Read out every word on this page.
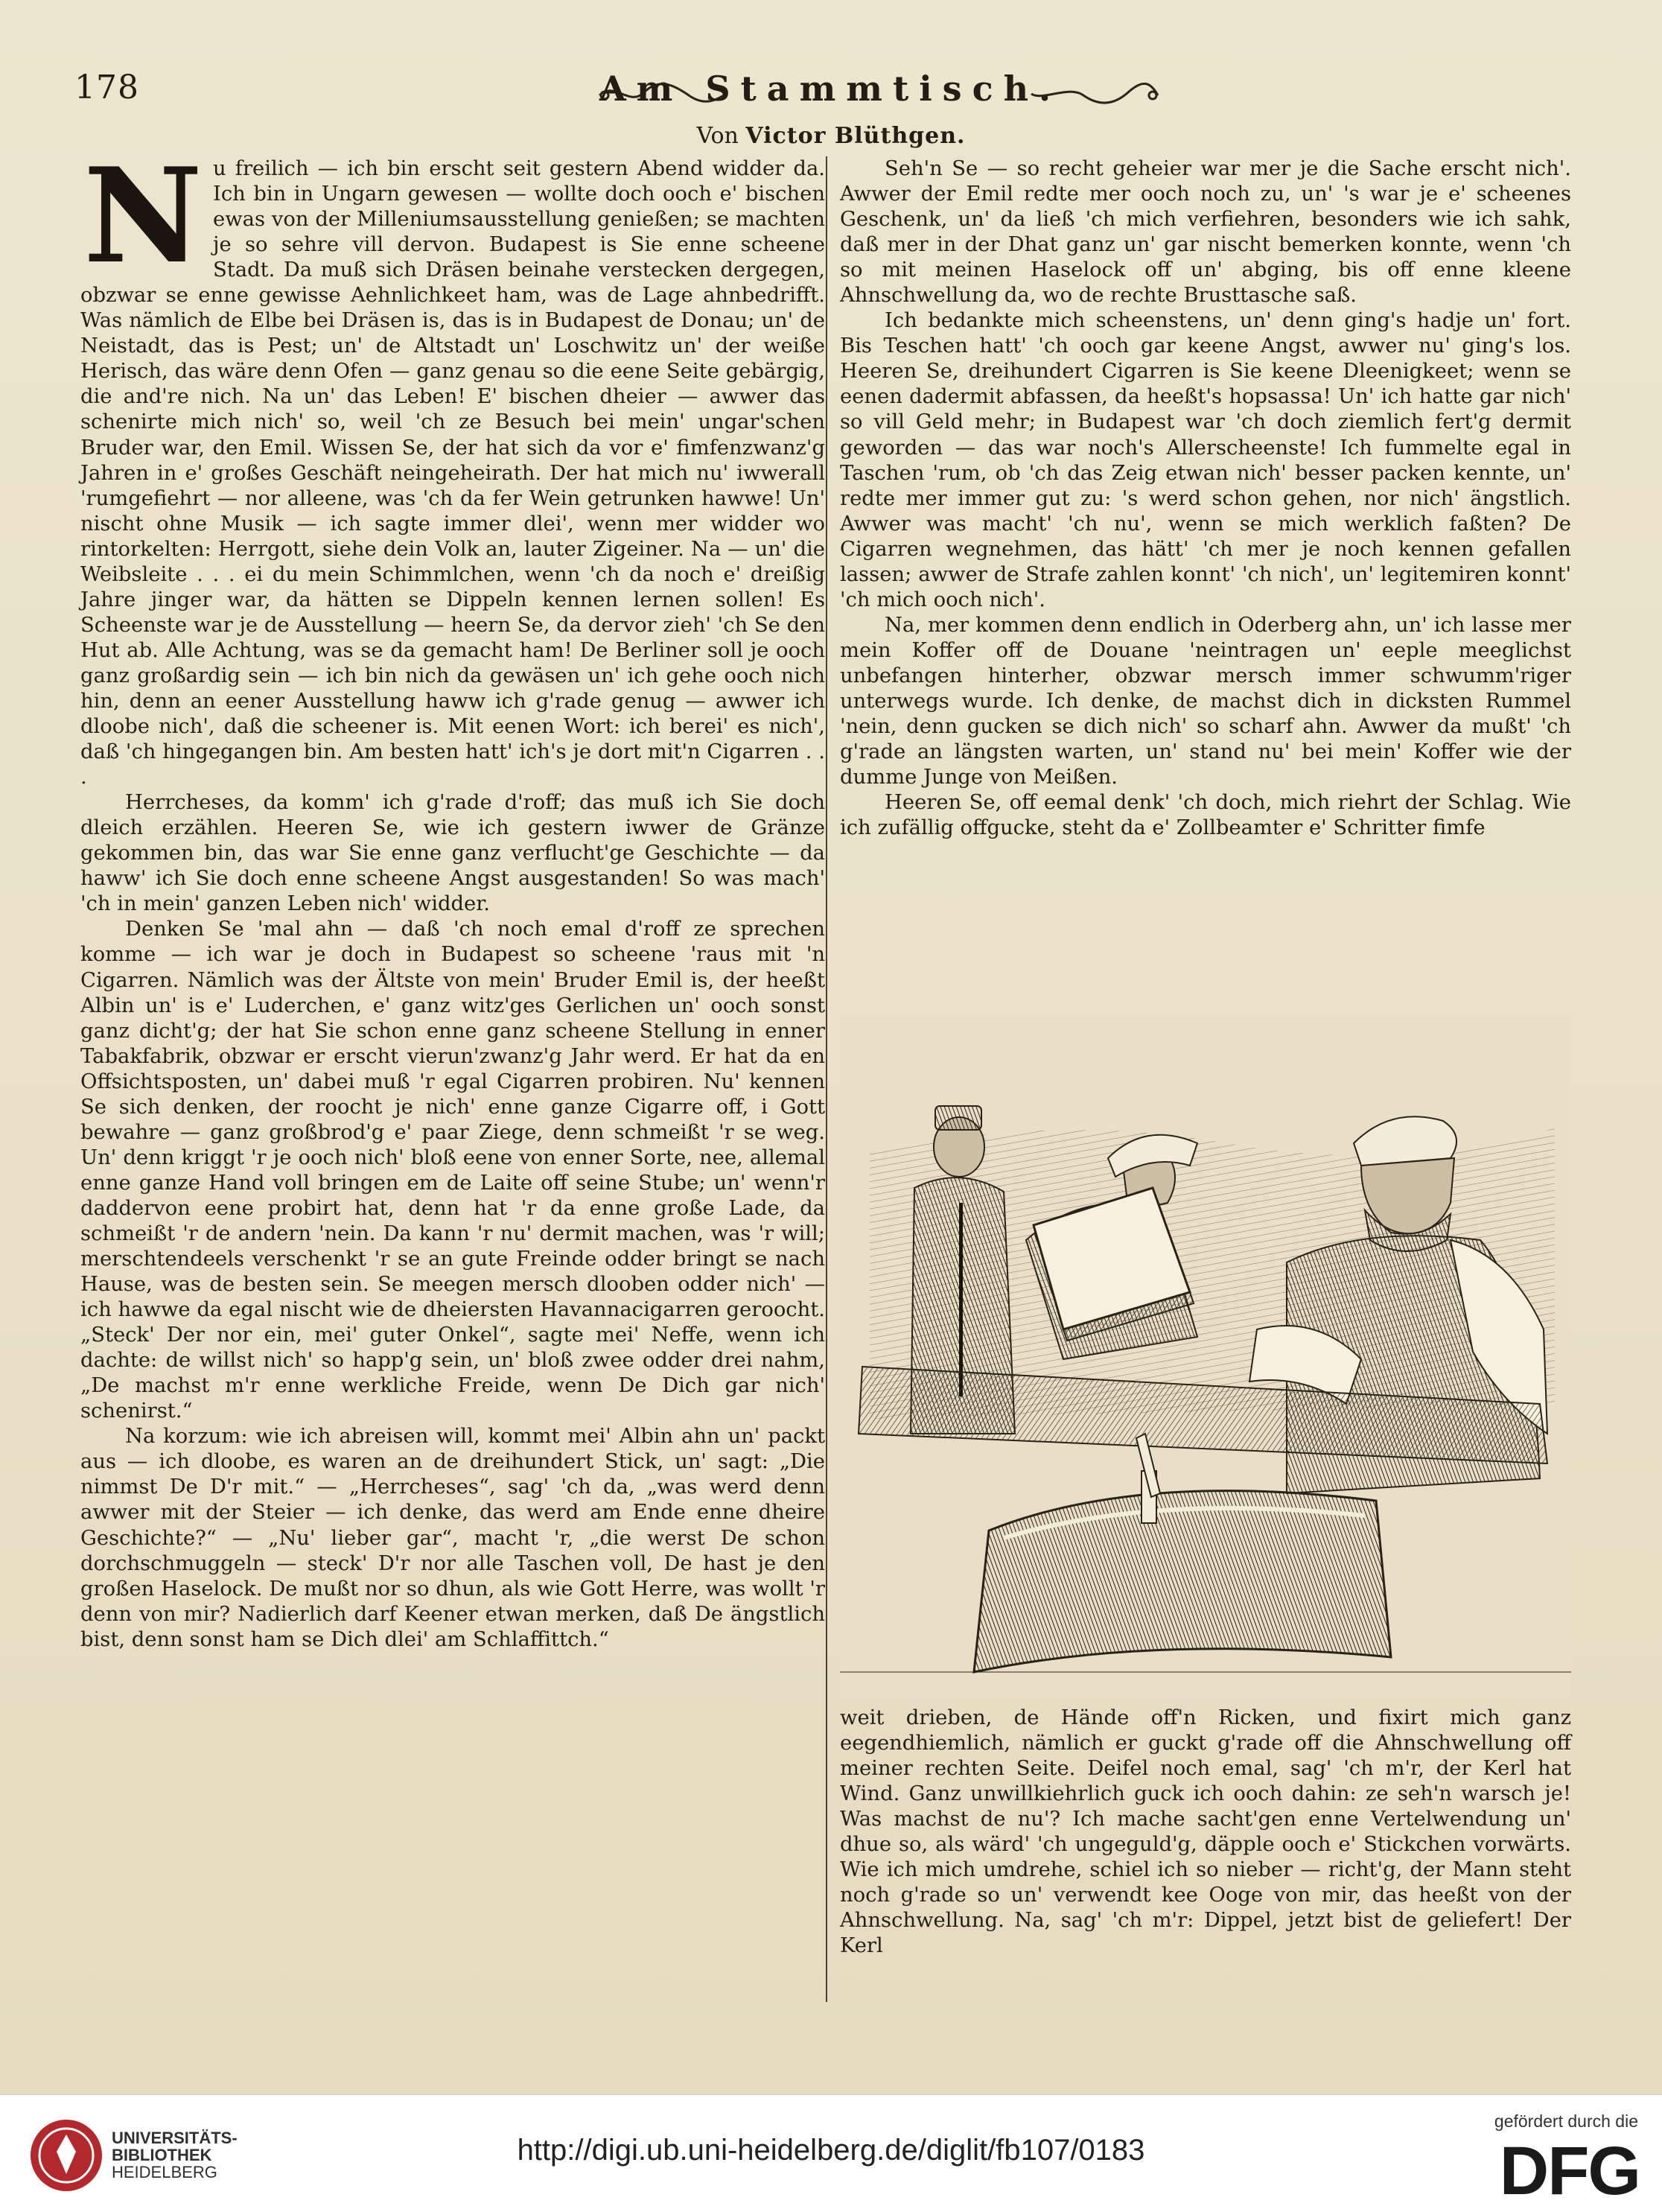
178	Am Stammtisch.
Von Victor Blüthgen.

Nu freilich — ich bin erscht seit gestern Abend widder da. Ich bin in Ungarn gewesen — wollte doch ooch e' bischen ewas von der Milleniumsausstellung genießen; se machten je so sehre vill dervon. Budapest is Sie enne scheene Stadt. Da muß sich Dräsen beinahe verstecken dergegen, obzwar se enne gewisse Aehnlichkeet ham, was de Lage ahnbedrifft. Was nämlich de Elbe bei Dräsen is, das is in Budapest de Donau; un' de Neistadt, das is Pest; un' de Altstadt un' Loschwitz un' der weiße Herisch, das wäre denn Ofen — ganz genau so die eene Seite gebärgig, die and're nich. Na un' das Leben! E' bischen dheier — awwer das schenirte mich nich' so, weil 'ch ze Besuch bei mein' ungar'schen Bruder war, den Emil. Wissen Se, der hat sich da vor e' fimfenzwanz'g Jahren in e' großes Geschäft neingeheirath. Der hat mich nu' iwwerall 'rumgefiehrt — nor alleene, was 'ch da fer Wein getrunken hawwe! Un' nischt ohne Musik — ich sagte immer dlei', wenn mer widder wo rintorkelten: Herrgott, siehe dein Volk an, lauter Zigeiner. Na — un' die Weibsleite . . . ei du mein Schimmlchen, wenn 'ch da noch e' dreißig Jahre jinger war, da hätten se Dippeln kennen lernen sollen! Es Scheenste war je de Ausstellung — heern Se, da dervor zieh' 'ch Se den Hut ab. Alle Achtung, was se da gemacht ham! De Berliner soll je ooch ganz großardig sein — ich bin nich da gewäsen un' ich gehe ooch nich hin, denn an eener Ausstellung haww ich g'rade genug — awwer ich dloobe nich', daß die scheener is. Mit eenen Wort: ich berei' es nich', daß 'ch hingegangen bin. Am besten hatt' ich's je dort mit'n Cigarren . . .

Herrcheses, da komm' ich g'rade d'roff; das muß ich Sie doch dleich erzählen. Heeren Se, wie ich gestern iwwer de Gränze gekommen bin, das war Sie enne ganz verflucht'ge Geschichte — da haww' ich Sie doch enne scheene Angst ausgestanden! So was mach' 'ch in mein' ganzen Leben nich' widder.

Denken Se 'mal ahn — daß 'ch noch emal d'roff ze sprechen komme — ich war je doch in Budapest so scheene 'raus mit 'n Cigarren. Nämlich was der Ältste von mein' Bruder Emil is, der heeßt Albin un' is e' Luderchen, e' ganz witz'ges Gerlichen un' ooch sonst ganz dicht'g; der hat Sie schon enne ganz scheene Stellung in enner Tabakfabrik, obzwar er erscht vierun'zwanz'g Jahr werd. Er hat da en Offsichtsposten, un' dabei muß 'r egal Cigarren probiren. Nu' kennen Se sich denken, der roocht je nich' enne ganze Cigarre off, i Gott bewahre — ganz großbrod'g e' paar Ziege, denn schmeißt 'r se weg. Un' denn kriggt 'r je ooch nich' bloß eene von enner Sorte, nee, allemal enne ganze Hand voll bringen em de Laite off seine Stube; un' wenn'r daddervon eene probirt hat, denn hat 'r da enne große Lade, da schmeißt 'r de andern 'nein. Da kann 'r nu' dermit machen, was 'r will; merschtendeels verschenkt 'r se an gute Freinde odder bringt se nach Hause, was de besten sein. Se meegen mersch dlooben odder nich' — ich hawwe da egal nischt wie de dheiersten Havannacigarren geroocht. „Steck' Der nor ein, mei' guter Onkel“, sagte mei' Neffe, wenn ich dachte: de willst nich' so happ'g sein, un' bloß zwee odder drei nahm, „De machst m'r enne werkliche Freide, wenn De Dich gar nich' schenirst.“

Na korzum: wie ich abreisen will, kommt mei' Albin ahn un' packt aus — ich dloobe, es waren an de dreihundert Stick, un' sagt: „Die nimmst De D'r mit.“ — „Herrcheses“, sag' 'ch da, „was werd denn awwer mit der Steier — ich denke, das werd am Ende enne dheire Geschichte?“ — „Nu' lieber gar“, macht 'r, „die werst De schon dorchschmuggeln — steck' D'r nor alle Taschen voll, De hast je den großen Haselock. De mußt nor so dhun, als wie Gott Herre, was wollt 'r denn von mir? Nadierlich darf Keener etwan merken, daß De ängstlich bist, denn sonst ham se Dich dlei' am Schlaffittch.“

Seh'n Se — so recht geheier war mer je die Sache erscht nich'. Awwer der Emil redte mer ooch noch zu, un' 's war je e' scheenes Geschenk, un' da ließ 'ch mich verfiehren, besonders wie ich sahk, daß mer in der Dhat ganz un' gar nischt bemerken konnte, wenn 'ch so mit meinen Haselock off un' abging, bis off enne kleene Ahnschwellung da, wo de rechte Brusttasche saß.

Ich bedankte mich scheenstens, un' denn ging's hadje un' fort. Bis Teschen hatt' 'ch ooch gar keene Angst, awwer nu' ging's los. Heeren Se, dreihundert Cigarren is Sie keene Dleenigkeet; wenn se eenen dadermit abfassen, da heeßt's hopsassa! Un' ich hatte gar nich' so vill Geld mehr; in Budapest war 'ch doch ziemlich fert'g dermit geworden — das war noch's Allerscheenste! Ich fummelte egal in Taschen 'rum, ob 'ch das Zeig etwan nich' besser packen kennte, un' redte mer immer gut zu: 's werd schon gehen, nor nich' ängstlich. Awwer was macht' 'ch nu', wenn se mich werklich faßten? De Cigarren wegnehmen, das hätt' 'ch mer je noch kennen gefallen lassen; awwer de Strafe zahlen konnt' 'ch nich', un' legitemiren konnt' 'ch mich ooch nich'.

Na, mer kommen denn endlich in Oderberg ahn, un' ich lasse mer mein Koffer off de Douane 'neintragen un' eeple meeglichst unbefangen hinterher, obzwar mersch immer schwumm'riger unterwegs wurde. Ich denke, de machst dich in dicksten Rummel 'nein, denn gucken se dich nich' so scharf ahn. Awwer da mußt' 'ch g'rade an längsten warten, un' stand nu' bei mein' Koffer wie der dumme Junge von Meißen.

Heeren Se, off eemal denk' 'ch doch, mich riehrt der Schlag. Wie ich zufällig offgucke, steht da e' Zollbeamter e' Schritter fimfe

weit drieben, de Hände off'n Ricken, und fixirt mich ganz eegendhiemlich, nämlich er guckt g'rade off die Ahnschwellung off meiner rechten Seite. Deifel noch emal, sag' 'ch m'r, der Kerl hat Wind. Ganz unwillkiehrlich guck ich ooch dahin: ze seh'n warsch je! Was machst de nu'? Ich mache sacht'gen enne Vertelwendung un' dhue so, als wärd' 'ch ungeguld'g, däpple ooch e' Stickchen vorwärts. Wie ich mich umdrehe, schiel ich so nieber — richt'g, der Mann steht noch g'rade so un' verwendt kee Ooge von mir, das heeßt von der Ahnschwellung. Na, sag' 'ch m'r: Dippel, jetzt bist de geliefert! Der Kerl

UNIVERSITÄTS-
BIBLIOTHEK
HEIDELBERG
http://digi.ub.uni-heidelberg.de/diglit/fb107/0183
gefördert durch die
DFG
